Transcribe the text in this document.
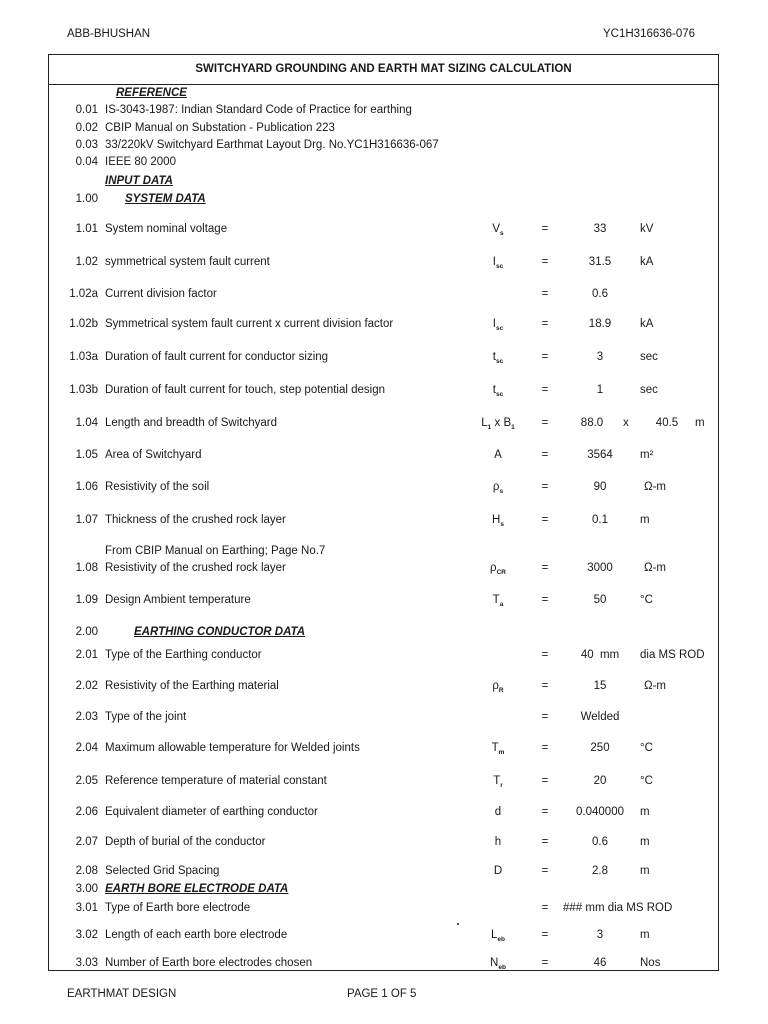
ABB-BHUSHAN	YC1H316636-076
SWITCHYARD GROUNDING AND EARTH MAT SIZING CALCULATION
REFERENCE
0.01 IS-3043-1987: Indian Standard Code of Practice for earthing
0.02 CBIP Manual on Substation - Publication 223
0.03 33/220kV Switchyard Earthmat Layout Drg. No.YC1H316636-067
0.04 IEEE 80 2000
INPUT DATA
1.00 SYSTEM DATA
1.01 System nominal voltage	$V_s$	=	33	kV
1.02 symmetrical system fault current	$I_{sc}$	=	31.5	kA
1.02a Current division factor	=	0.6
1.02b Symmetrical system fault current x current division factor	$I_{sc}$	=	18.9	kA
1.03a Duration of fault current for conductor sizing	$t_{sc}$	=	3	sec
1.03b Duration of fault current for touch, step potential design	$t_{sc}$	=	1	sec
1.04 Length and breadth of Switchyard	$L_1$ x $B_1$	=	88.0	x	40.5	m
1.05 Area of Switchyard	A	=	3564	m²
1.06 Resistivity of the soil	$\rho_s$	=	90	Ω-m
1.07 Thickness of the crushed rock layer	$H_s$	=	0.1	m
From CBIP Manual on Earthing; Page No.7
1.08 Resistivity of the crushed rock layer	$\rho_{CR}$	=	3000	Ω-m
1.09 Design Ambient temperature	$T_a$	=	50	°C
2.00	EARTHING CONDUCTOR DATA
2.01 Type of the Earthing conductor	=	40  mm	dia MS ROD
2.02 Resistivity of the Earthing material	$\rho_R$	=	15	Ω-m
2.03 Type of the joint	=	Welded
2.04 Maximum allowable temperature for Welded joints	$T_m$	=	250	°C
2.05 Reference temperature of material constant	$T_r$	=	20	°C
2.06 Equivalent diameter of earthing conductor	d	=	0.040000	m
2.07 Depth of burial of the conductor	h	=	0.6	m
2.08 Selected Grid Spacing	D	=	2.8	m
3.00 EARTH BORE ELECTRODE DATA
3.01 Type of Earth bore electrode	= ### mm dia MS ROD
3.02 Length of each earth bore electrode	$L_{eb}$	=	3	m
3.03 Number of Earth bore electrodes chosen	$N_{eb}$	=	46	Nos
EARTHMAT DESIGN	PAGE 1 OF 5
